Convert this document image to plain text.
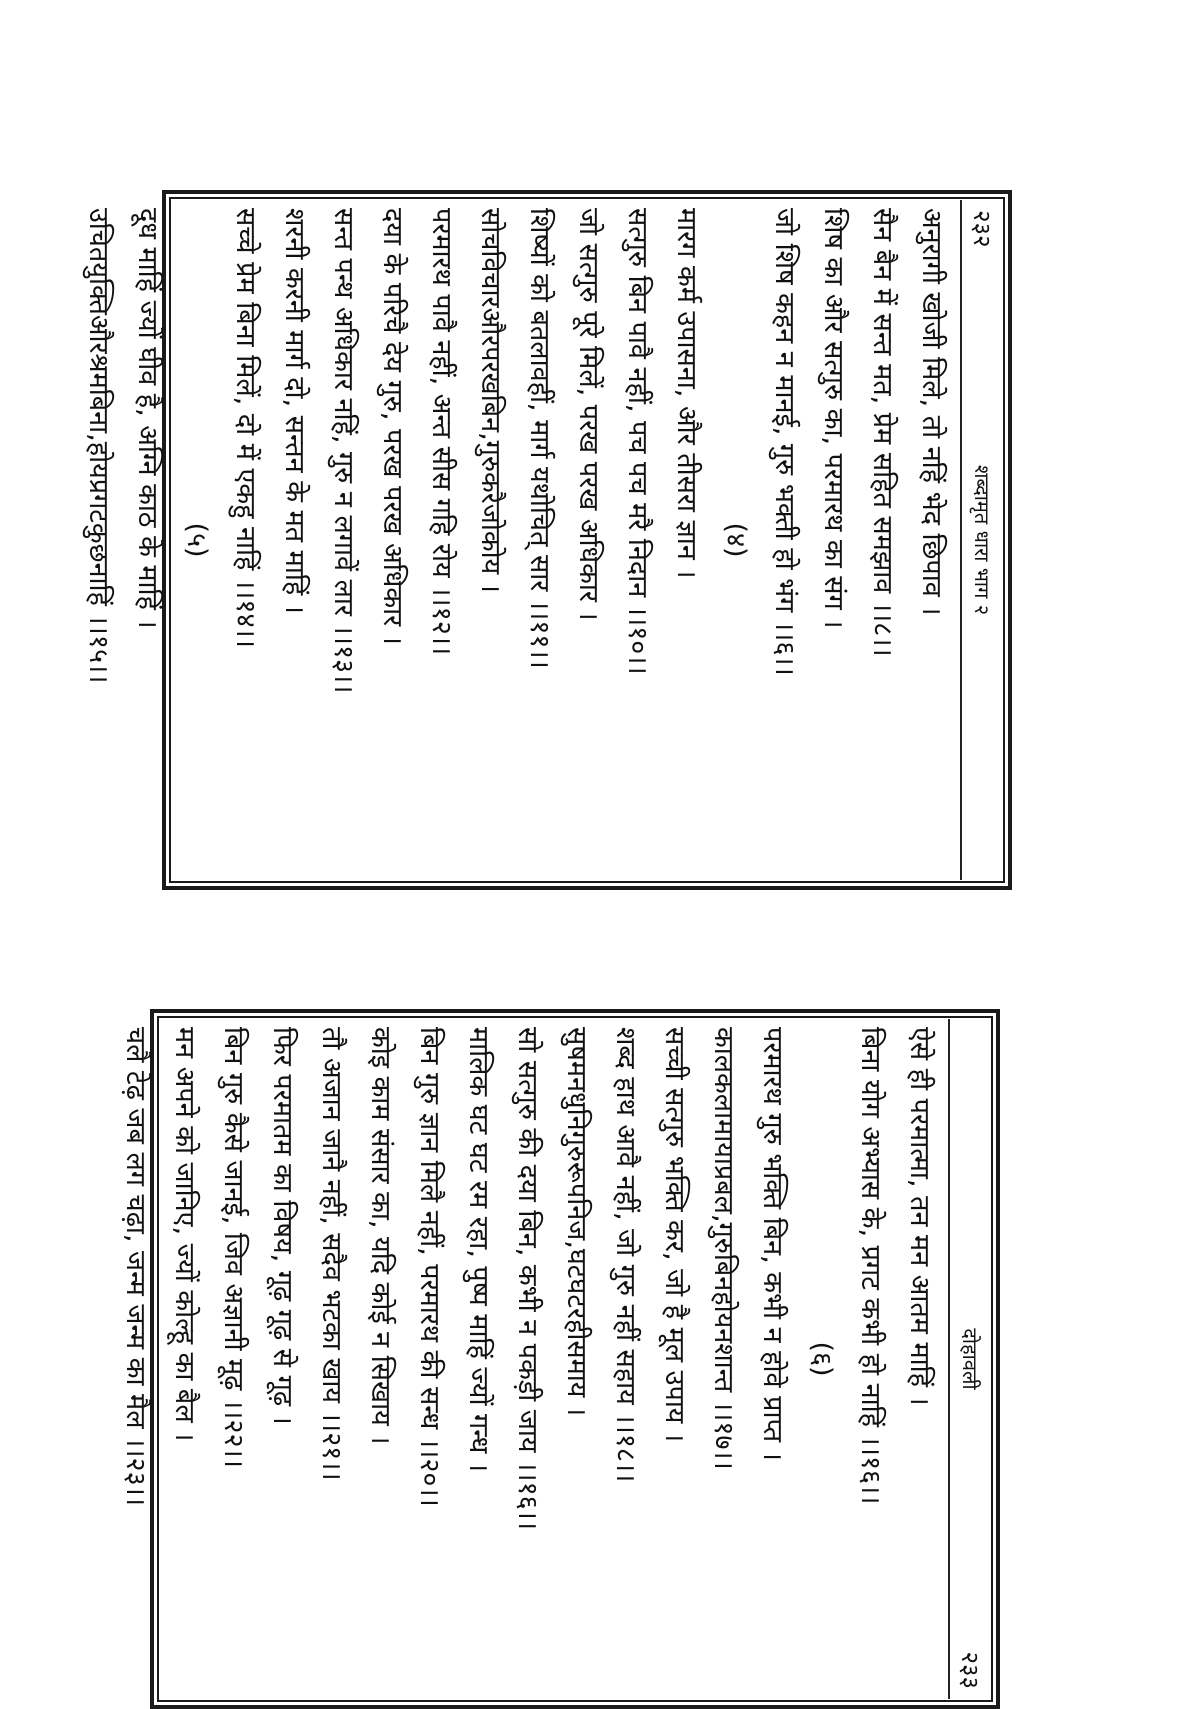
२३२
शब्दामृत धारा भाग २
अनुरागी खोजी मिले, तो नहिं भेद छिपाव ।
सैन बैन में सन्त मत, प्रेम सहित समझाव ।।८।।
शिष का और सत्गुरु का, परमारथ का संग ।
जो शिष कहन न मानई, गुरु भक्ती हो भंग ।।६।।
(४)
मारग कर्म उपासना, और तीसरा ज्ञान ।
सत्गुरु बिन पावै नहीं, पच पच मरै निदान ।।१०।।
जो सत्गुरु पूरे मिलें, परख परख अधिकार ।
शिष्यों को बतलावहीं, मार्ग यथोचित् सार ।।११।।
सोचविचारऔरपरखबिन,गुरुकरैजोकोय ।
परमारथ पावै नहीं, अन्त सीस गहि रोय ।।१२।।
दया के परिचै देय गुरु, परख परख अधिकार ।
सन्त पन्थ अधिकार नहिं, गुरु न लगावें लार ।।१३।।
शरनी करनी मार्ग दो, सन्तन के मत माहिं ।
सच्चे प्रेम बिना मिलें, दो में एकहु नाहिं ।।१४।।
(५)
दूध माहिं ज्यों घीव है, अग्नि काठ के माहिं ।
उचितयुक्तिऔरश्रमबिना,होयप्रगटकुछनाहिं ।।१५।।
दोहावली
२३३
ऐसे ही परमात्मा, तन मन आतम माहिं ।
बिना योग अभ्यास के, प्रगट कभी हो नाहिं ।।१६।।
(६)
परमारथ गुरु भक्ति बिन, कभी न होवे प्राप्त ।
कालकलामायाप्रबल,गुरुबिनहोयनशान्त ।।१७।।
सच्ची सत्गुरु भक्ति कर, जो है मूल उपाय ।
शब्द हाथ आवै नहीं, जो गुरु नहीं सहाय ।।१८।।
सुषमनधुनिगुरुरूपनिज,घटघटरहीसमाय ।
सो सत्गुरु की दया बिन, कभी न पकड़ी जाय ।।१६।।
मालिक घट घट रम रहा, पुष्प माहिं ज्यों गन्ध ।
बिन गुरु ज्ञान मिलै नहीं, परमारथ की सन्ध ।।२०।।
कोइ काम संसार का, यदि कोई न सिखाय ।
तौ अजान जानै नहीं, सदैव भटका खाय ।।२१।।
फिर परमातम का विषय, गूढ़ गूढ़ से गूढ़ ।
बिन गुरु कैसे जानई, जिव अज्ञानी मूढ़ ।।२२।।
मन अपने को जानिए, ज्यों कोल्हू का बैल ।
चलै टेढ़ जब लग चढ़ा, जन्म जन्म का मैल ।।२३।।
